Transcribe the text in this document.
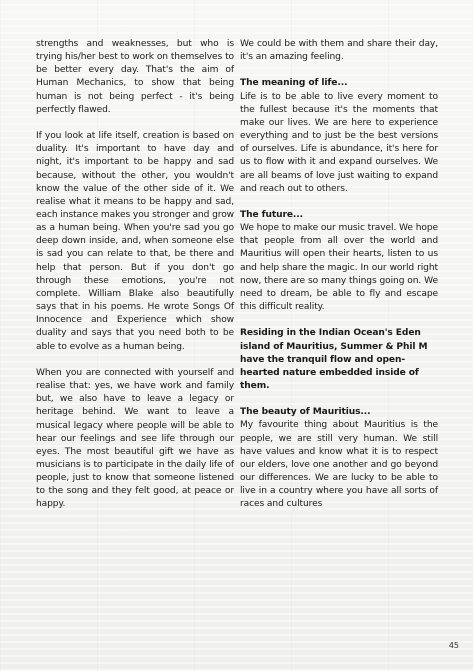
strengths and weaknesses, but who is trying his/her best to work on themselves to be better every day. That's the aim of Human Mechanics, to show that being human is not being perfect - it's being perfectly flawed.

If you look at life itself, creation is based on duality. It's important to have day and night, it's important to be happy and sad because, without the other, you wouldn't know the value of the other side of it. We realise what it means to be happy and sad, each instance makes you stronger and grow as a human being. When you're sad you go deep down inside, and, when someone else is sad you can relate to that, be there and help that person. But if you don't go through these emotions, you're not complete. William Blake also beautifully says that in his poems. He wrote Songs Of Innocence and Experience which show duality and says that you need both to be able to evolve as a human being.

When you are connected with yourself and realise that: yes, we have work and family but, we also have to leave a legacy or heritage behind. We want to leave a musical legacy where people will be able to hear our feelings and see life through our eyes. The most beautiful gift we have as musicians is to participate in the daily life of people, just to know that someone listened to the song and they felt good, at peace or happy.

We could be with them and share their day, it's an amazing feeling.

The meaning of life...

Life is to be able to live every moment to the fullest because it's the moments that make our lives. We are here to experience everything and to just be the best versions of ourselves. Life is abundance, it's here for us to flow with it and expand ourselves. We are all beams of love just waiting to expand and reach out to others.

The future...

We hope to make our music travel. We hope that people from all over the world and Mauritius will open their hearts, listen to us and help share the magic. In our world right now, there are so many things going on. We need to dream, be able to fly and escape this difficult reality.

Residing in the Indian Ocean's Eden island of Mauritius, Summer & Phil M have the tranquil flow and open-hearted nature embedded inside of them.

The beauty of Mauritius...

My favourite thing about Mauritius is the people, we are still very human. We still have values and know what it is to respect our elders, love one another and go beyond our differences. We are lucky to be able to live in a country where you have all sorts of races and cultures

45
